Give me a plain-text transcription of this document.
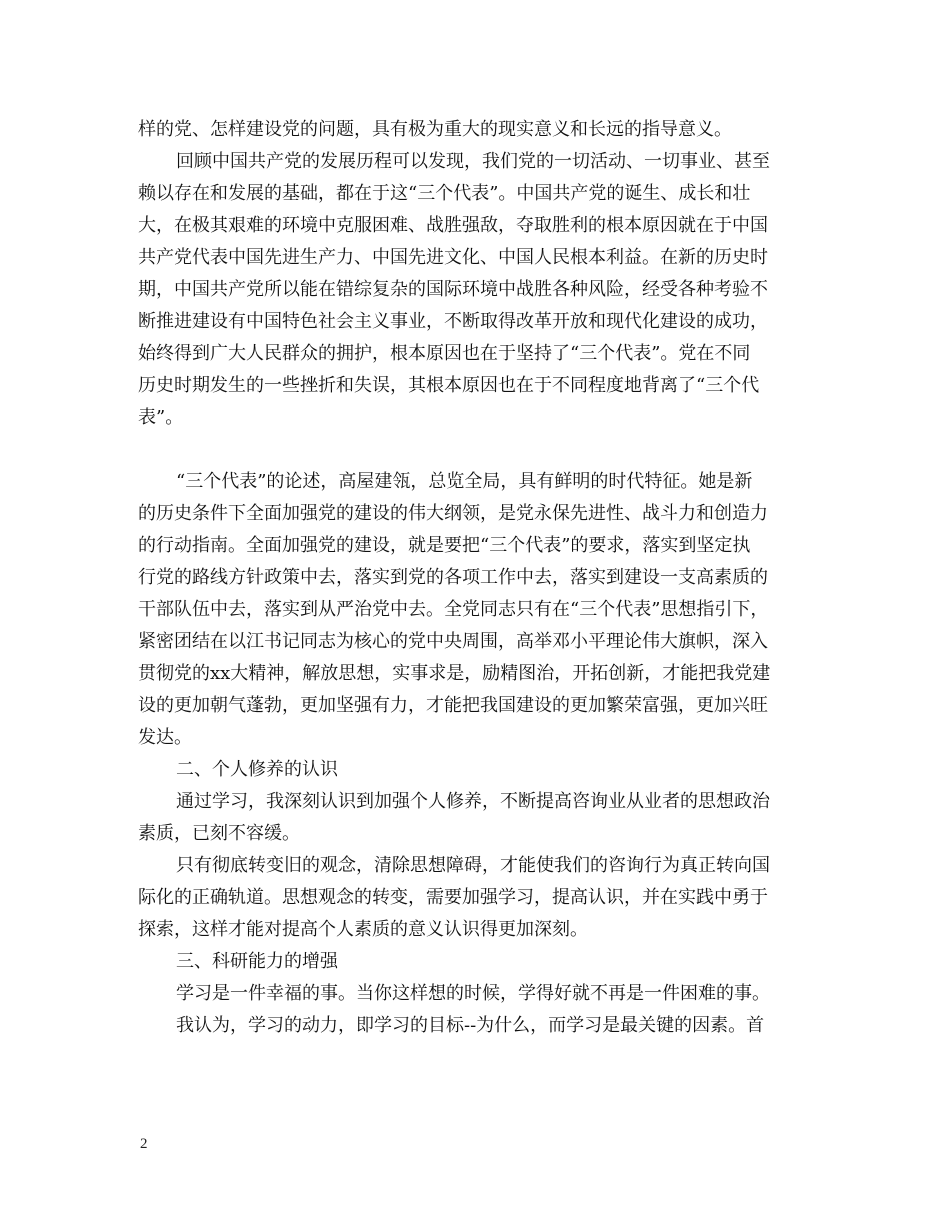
样的党、怎样建设党的问题，具有极为重大的现实意义和长远的指导意义。
回顾中国共产党的发展历程可以发现，我们党的一切活动、一切事业、甚至
赖以存在和发展的基础，都在于这“三个代表”。中国共产党的诞生、成长和壮
大，在极其艰难的环境中克服困难、战胜强敌，夺取胜利的根本原因就在于中国
共产党代表中国先进生产力、中国先进文化、中国人民根本利益。在新的历史时
期，中国共产党所以能在错综复杂的国际环境中战胜各种风险，经受各种考验不
断推进建设有中国特色社会主义事业，不断取得改革开放和现代化建设的成功，
始终得到广大人民群众的拥护，根本原因也在于坚持了“三个代表”。党在不同
历史时期发生的一些挫折和失误，其根本原因也在于不同程度地背离了“三个代
表”。
“三个代表”的论述，高屋建瓴，总览全局，具有鲜明的时代特征。她是新
的历史条件下全面加强党的建设的伟大纲领，是党永保先进性、战斗力和创造力
的行动指南。全面加强党的建设，就是要把“三个代表”的要求，落实到坚定执
行党的路线方针政策中去，落实到党的各项工作中去，落实到建设一支高素质的
干部队伍中去，落实到从严治党中去。全党同志只有在“三个代表”思想指引下，
紧密团结在以江书记同志为核心的党中央周围，高举邓小平理论伟大旗帜，深入
贯彻党的xx大精神，解放思想，实事求是，励精图治，开拓创新，才能把我党建
设的更加朝气蓬勃，更加坚强有力，才能把我国建设的更加繁荣富强，更加兴旺
发达。
二、个人修养的认识
通过学习，我深刻认识到加强个人修养，不断提高咨询业从业者的思想政治
素质，已刻不容缓。
只有彻底转变旧的观念，清除思想障碍，才能使我们的咨询行为真正转向国
际化的正确轨道。思想观念的转变，需要加强学习，提高认识，并在实践中勇于
探索，这样才能对提高个人素质的意义认识得更加深刻。
三、科研能力的增强
学习是一件幸福的事。当你这样想的时候，学得好就不再是一件困难的事。
我认为，学习的动力，即学习的目标--为什么，而学习是最关键的因素。首
2
